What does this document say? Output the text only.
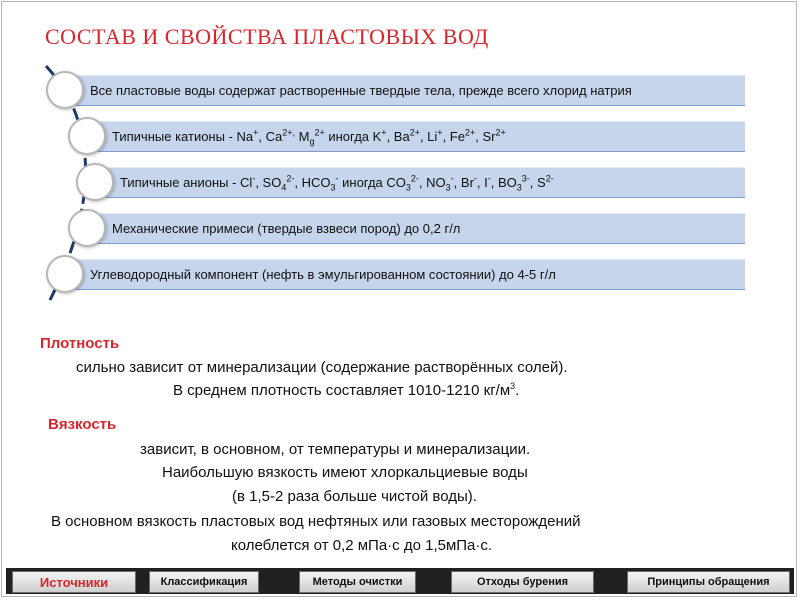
СОСТАВ И СВОЙСТВА ПЛАСТОВЫХ ВОД
Все пластовые воды содержат растворенные твердые тела, прежде всего хлорид натрия
Типичные катионы - Na+, $Ca^{2+,}$ $M_g^{2+}$ иногда K+, $Ba^{2+}$, Li+, $Fe^{2+}$, $Sr^{2+}$
Типичные анионы - Cl-, $SO_4^{2-}$, $HCO_3^-$ иногда $CO_3^{2-}$, $NO_3^-$, Br-, I-, $BO_3^{3-}$, $S^{2-}$
Механические примеси (твердые взвеси пород) до 0,2 г/л
Углеводородный компонент (нефть в эмульгированном состоянии) до 4-5 г/л
Плотность
сильно зависит от минерализации (содержание растворённых солей).
В среднем плотность составляет 1010-1210 $кг/м^3$.
Вязкость
зависит, в основном, от температуры и минерализации.
Наибольшую вязкость имеют хлоркальциевые воды
(в 1,5-2 раза больше чистой воды).
В основном вязкость пластовых вод нефтяных или газовых месторождений
колеблется от 0,2 мПа·с до 1,5мПа·с.
Источники	Классификация	Методы очистки	Отходы бурения	Принципы обращения
